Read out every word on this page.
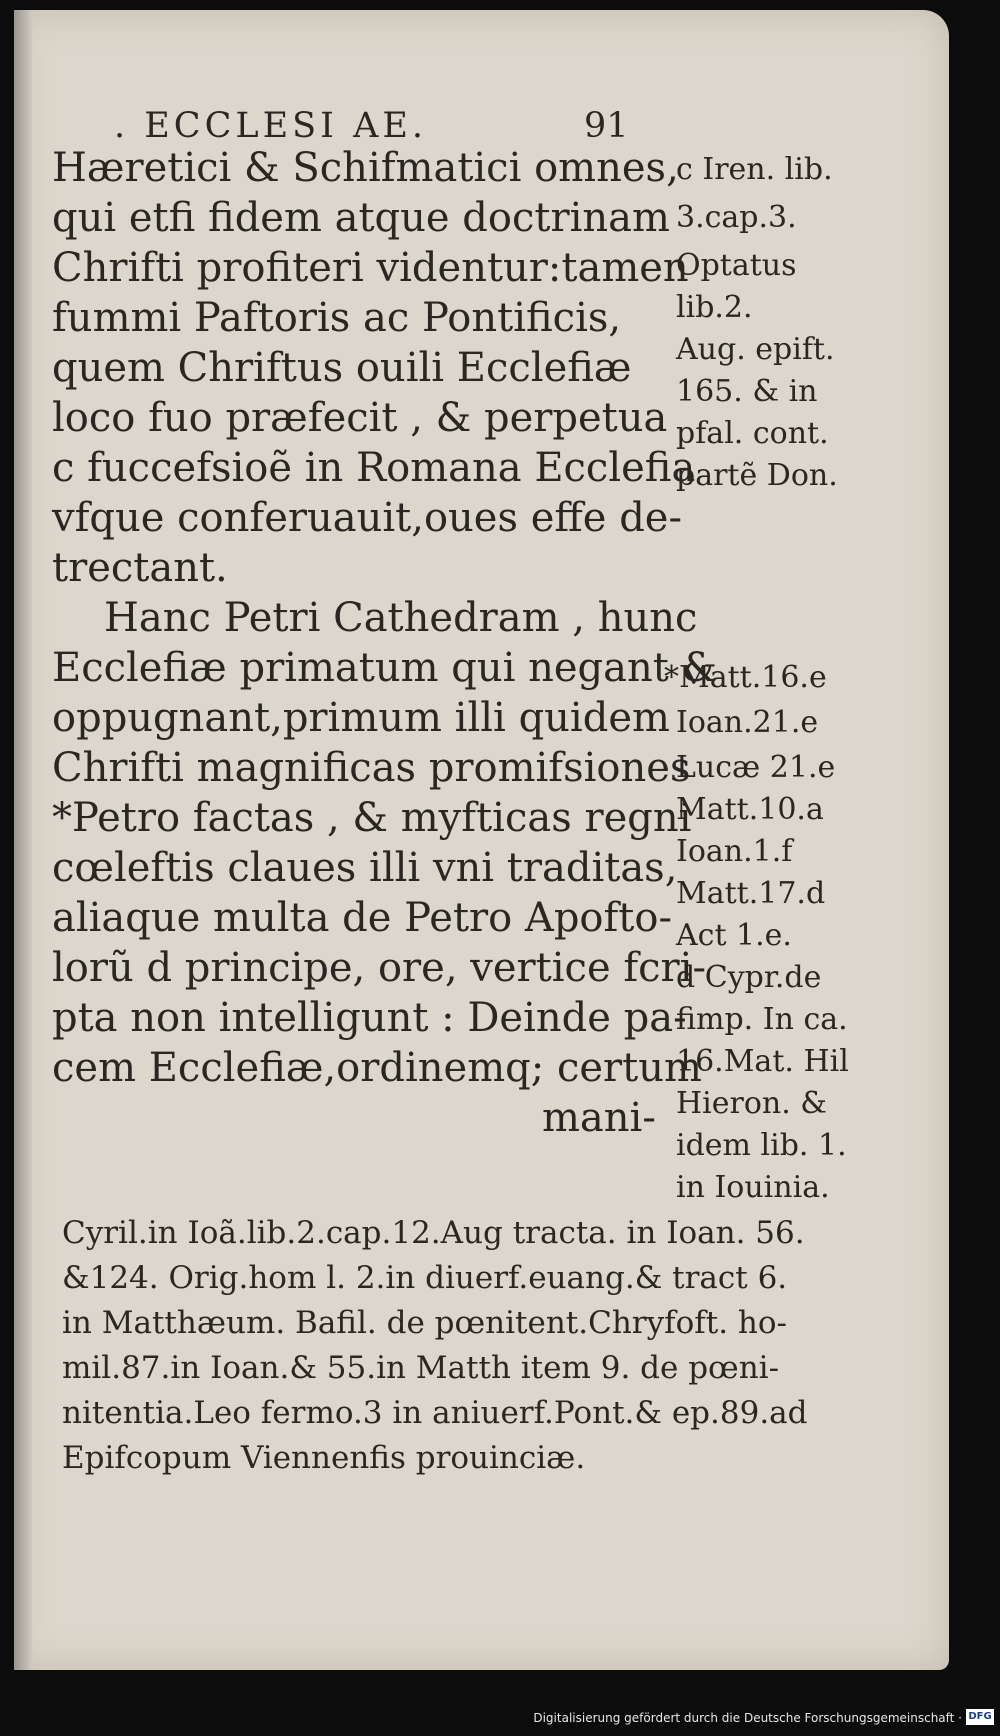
. ECCLESI AE.	91
Hæretici & Schifmatici omnes,
qui etfi fidem atque doctrinam
Chrifti profiteri videntur:tamen
fummi Paftoris ac Pontificis,
quem Chriftus ouili Ecclefiæ
loco fuo præfecit , & perpetua
c fuccefsioẽ in Romana Ecclefia
vfque conferuauit,oues effe de-
trectant.
Hanc Petri Cathedram , hunc
Ecclefiæ primatum qui negant &
oppugnant,primum illi quidem
Chrifti magnificas promifsiones
*Petro factas , & myfticas regni
cœleftis claues illi vni traditas,
aliaque multa de Petro Apofto-
lorũ d principe, ore, vertice fcri-
pta non intelligunt : Deinde pa-
cem Ecclefiæ,ordinemq; certum
mani-
c Iren. lib.
3.cap.3.
Optatus
lib.2.
Aug. epift.
165. & in
pfal. cont.
partẽ Don.
*Matt.16.e
Ioan.21.e
Lucæ 21.e
Matt.10.a
Ioan.1.f
Matt.17.d
Act 1.e.
d Cypr.de
fimp. In ca.
16.Mat. Hil
Hieron. &
idem lib. 1.
in Iouinia.
Cyril.in Ioã.lib.2.cap.12.Aug tracta. in Ioan. 56.
&124. Orig.hom l. 2.in diuerf.euang.& tract 6.
in Matthæum. Bafil. de pœnitent.Chryfoft. ho-
mil.87.in Ioan.& 55.in Matth item 9. de pœni-
nitentia.Leo fermo.3 in aniuerf.Pont.& ep.89.ad
Epifcopum Viennenfis prouinciæ.
Digitalisierung gefördert durch die Deutsche Forschungsgemeinschaft · DFG
